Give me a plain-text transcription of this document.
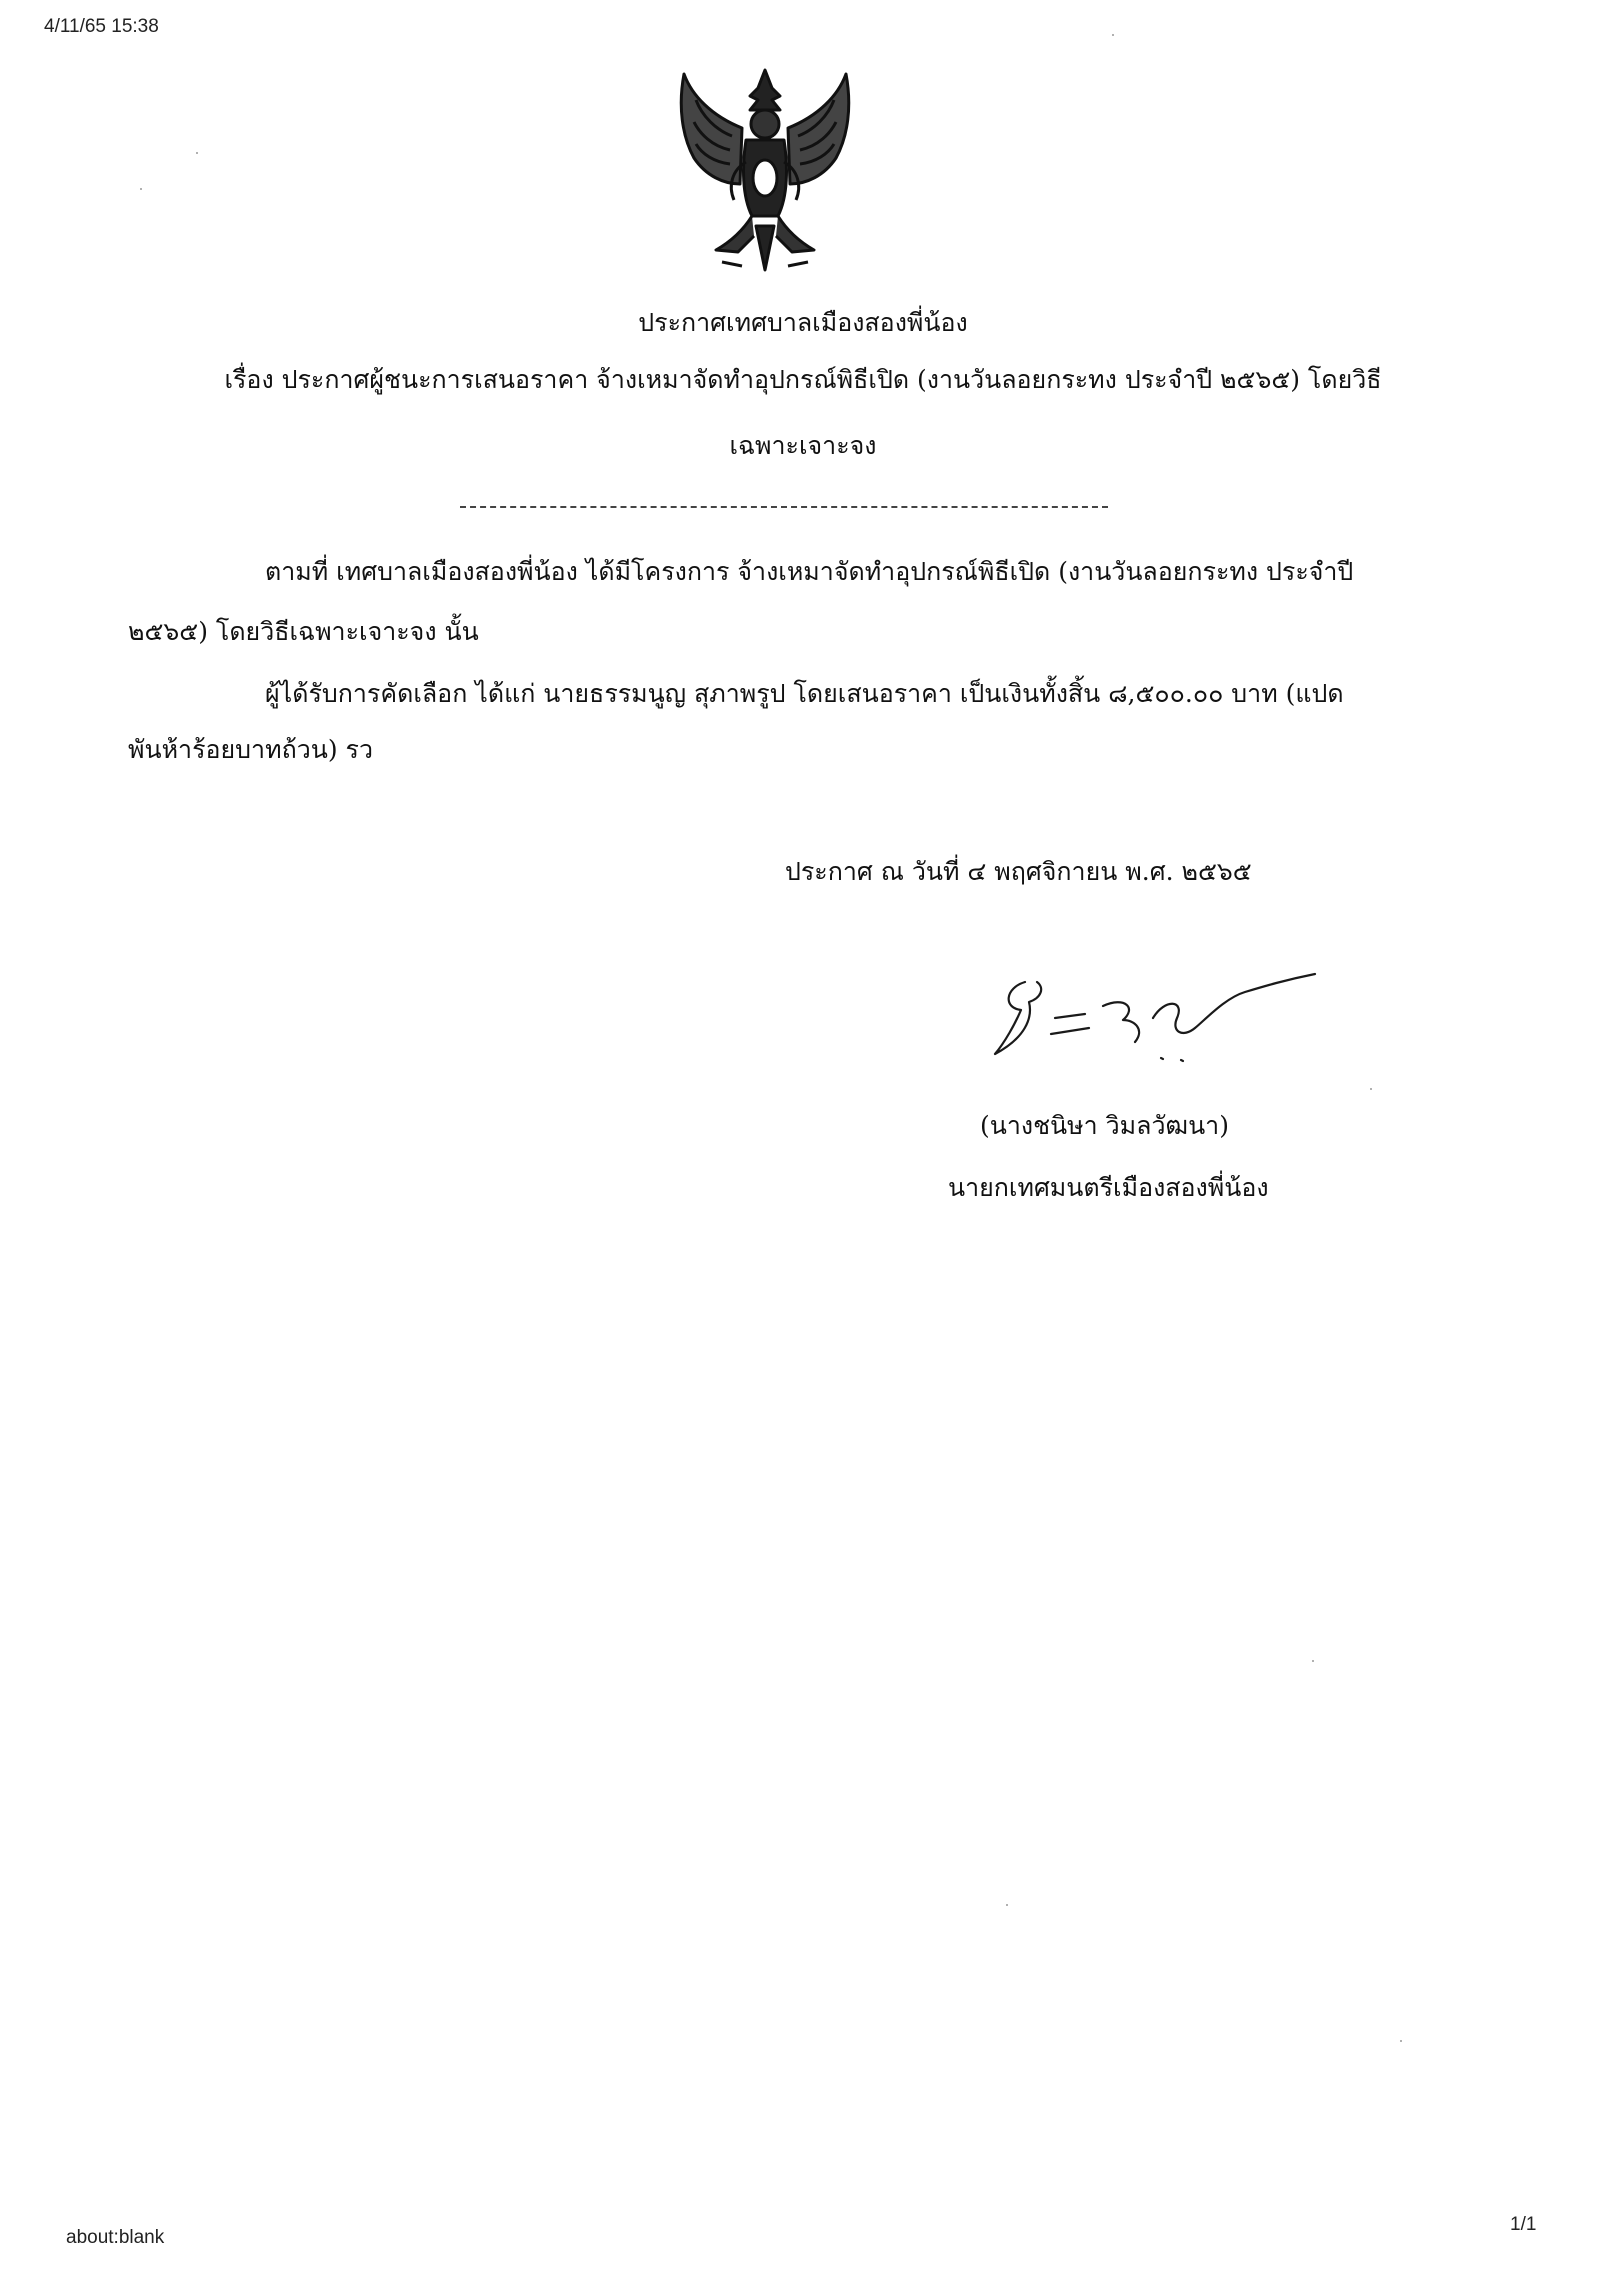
4/11/65 15:38
ประกาศเทศบาลเมืองสองพี่น้อง
เรื่อง ประกาศผู้ชนะการเสนอราคา จ้างเหมาจัดทำอุปกรณ์พิธีเปิด (งานวันลอยกระทง ประจำปี ๒๕๖๕) โดยวิธี
เฉพาะเจาะจง
ตามที่ เทศบาลเมืองสองพี่น้อง ได้มีโครงการ จ้างเหมาจัดทำอุปกรณ์พิธีเปิด (งานวันลอยกระทง ประจำปี
๒๕๖๕) โดยวิธีเฉพาะเจาะจง นั้น
ผู้ได้รับการคัดเลือก ได้แก่ นายธรรมนูญ สุภาพรูป โดยเสนอราคา เป็นเงินทั้งสิ้น ๘,๕๐๐.๐๐ บาท (แปด
พันห้าร้อยบาทถ้วน) รว
ประกาศ ณ วันที่ ๔ พฤศจิกายน พ.ศ. ๒๕๖๕
(นางชนิษา วิมลวัฒนา)
นายกเทศมนตรีเมืองสองพี่น้อง
about:blank
1/1
